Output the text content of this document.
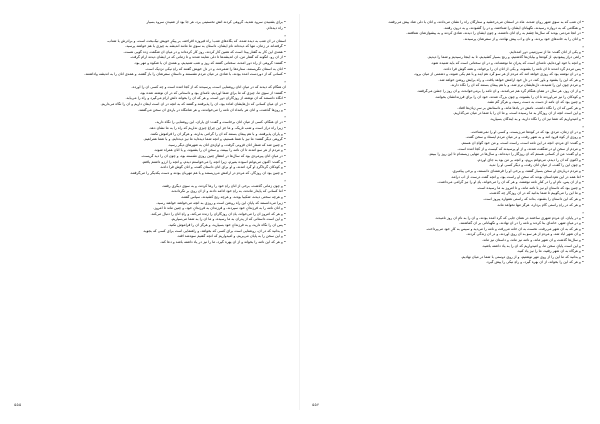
• برای بشنیدن سرود شدید، گروهی کردند آتش نخستینی برد، هر جا بود از شنیدنِ سرود بسیار
• راه دیده‌ام.
٭
آسمان در آن شب به دیده شده، که بگاه‌های شب؛ راه فیروزه افراخته، بر پیکرِ خویش نیک‌بخت است، و برادرش با شتاب،
• گرفته‌اند در زمان، تنها که دیده‌اند نام ایشان، داستان به سوی ما مانند اندیشه به چیزی با هم خواهند پرسید.
• همه‌ی این کار به گفتار پیدا است که همین کار کردند، روز کار کرده‌اند و در میان آن شگفت زده گویی هست.
• از آن رو، آنگونه که گفتار من، آن اندیشه‌ها تا دلی نمایند شدند و تا زمانی که در ایشان دیدند آرام گرفت.
• گفتند: گروهی از راه دور آمدند، سخنانی گفتند که روز و شب شنیدیم، و همه‌ی آن با شکوه و مهر بود.
• آنان به آسمان نگریستند، ستاره‌ها را شمردند، و در دل خویش گفتند که راهِ نیکی نزدیک است.
• کسانی که از دوردست آمده بودند، با شادی در میان مردم نشستند و داستانِ سفرشان را باز گفتند، و همه‌ی آنان را به اندیشه واداشتند.
٭
آن هنگام که دیدند که در میانِ آنان روشنایی است، پرسیدند که از کجا آمده است و چه کسی آن را آورده،
• گفتند: از سوی ما، چیزی که ما برای شما آوردیم، نامه‌ای بود و داستانی که در آن نوشته شده بود،
• آنگاه دانستند که آن نوشته از روزگاران دور است، و هر که آن را بخواند دلش آرام می‌گیرد و راه را می‌یابد.
• در آن میان کسانی که دل‌هایشان آماده بود، آن را پذیرفتند و گفتند که به آنچه در آن است ایمان داریم و آن را نگاه می‌داریم.
• و روزها گذشت، و آنان هر بامداد آن نامه را می‌خواندند، و هر شامگاه در باره‌ی آن سخن می‌گفتند.
٭
• در آن هنگام، کسی از میانِ آنان برخاست و گفت: ای یاران، این روشنایی را نگاه دارید،
• زیرا راه دراز است و شب تاریک، و ما جز این چراغ چیزی نداریم که راه را به ما نشان دهد.
• و یاران پذیرفتند، و با هم پیمان بستند که آن را گرامی بدارند، و هرگز آن را فراموش نکنند.
• گروهی دیگر گفتند: ما نیز با شما هستیم، و آنچه شما دیده‌اید ما نیز دیده‌ایم، و با شما همراهیم.
• و چنین شد که شمارِ آنان فزونی گرفت، و آوازه‌ی آنان به شهرهای دیگر رسید.
• و مردم از هر سو آمدند تا آن نامه را ببینند، و سخنِ آن را بشنوند، و با آنان همراه شوند.
• در میانِ آنان پیرمردی بود که سال‌ها در انتظارِ چنین روزی نشسته بود، و چون آن را دید گریست.
• و گفت: اکنون می‌توانم آسوده بمیرم، زیرا آنچه را می‌خواستم دیدم، و آنچه را آرزو داشتم یافتم.
• و کودکان گرداگردِ او گرد آمدند، و او برای آنان داستان گفت، و آنان گوش فرا دادند.
• و چنین بود آن روزگار، که مردم در آرامش می‌زیستند و با هم مهربان بودند و دست یکدیگر را می‌گرفتند.
٭
• و چون زمانی گذشت، برخی از آنان راهِ خود را رها کردند، و به سوی دیگری رفتند،
• اما کسانی که پایدار ماندند، به راهِ خود ادامه دادند و از آن روی بر نگرداندند.
• و هرچه سختی دیدند، شکیبا بودند، و هرچه رنج کشیدند، سپاس گفتند،
• زیرا می‌دانستند که پایانِ این راه روشن است و روزی به آنچه می‌خواهند خواهند رسید.
• و آنان نامه را به فرزندانِ خود سپردند، و فرزندان به فرزندانِ خود، و چنین ماند تا امروز.
• و هر که امروز آن را می‌خواند، یادِ آن روزگاران را زنده می‌کند، و راهِ آنان را دنبال می‌کند.
• و این است داستانی که از پدران به ما رسیده، و ما آن را به شما می‌سپاریم.
• پس آن را نگاه دارید، و به فرزندانِ خود بسپارید، و هرگز آن را فراموش نکنید.
• و بدانید که در آن، روشنایی است برای کسی که بخواهد، و راهنمایی است برای کسی که بجوید.
• و این سخن را به پایان می‌بریم، و امیدواریم که آنچه گفتیم سودمند افتد.
• و هر که این نامه را بخواند و از آن بهره گیرد، ما را نیز در یاد داشته باشد و دعا کند.
• آن شب که به سوی شهر روان شدند، ماه در آسمان می‌درخشید و ستارگان راه را نشان می‌دادند، و آنان با دلی شاد پیش می‌رفتند.
• و هنگامی که به دروازه رسیدند، نگهبانان ایشان را شناختند، و در را گشودند، و به درون رفتند.
• در آنجا مردمی بودند که سال‌ها چشم به راهِ آنان داشتند، و چون ایشان را دیدند، شادی کردند و به پیشوازشان شتافتند.
• و آنان را به خانه‌های خود بردند، و نان و آب پیش نهادند، و از سفرشان پرسیدند.
٭
• و یکی از آنان گفت: ما از سرزمینی دور آمده‌ایم.
• راهی دراز پیمودیم، از کوه‌ها و بیابان‌ها گذشتیم، و رنج بسیار کشیدیم، تا به اینجا رسیدیم و شما را دیدیم.
• و آنچه با خود آورده‌ایم، نامه‌ای است که پدرانِ ما نوشته‌اند، و در آن سخنانی است که باید شنیده شود.
• پس مردم گرد آمدند تا آن نامه را بشنوند، و یکی از آنان آن را برخواند، و همه گوش فرا دادند.
• و در آن نوشته بود که روزی خواهد آمد که مردم از هر سو گرد هم آیند و با هم یکی شوند، و دشمنی از میان برود،
• و هر که این را بشنود و باور کند، در دلِ خود آرامش خواهد یافت، و راه برایش روشن خواهد شد.
• و مردم چون این را شنیدند، دل‌هایشان نرم شد، و با هم پیمان بستند که آن را نگاه دارند.
• و از آن روز، هر سال در همان هنگام گرد هم می‌آمدند، و آن نامه را برمی‌خواندند، و آن روز را جشن می‌گرفتند.
• و کودکان را نیز می‌آوردند تا آن را بشنوند، و چون بزرگ شدند، خود آن را برای فرزندانشان بخوانند.
• و چنین بود که آن نامه از دست به دست رسید، و هرگز گم نشد.
• و هر کس که آن را نگاه داشت، نامش در یادها ماند، و داستانش بر سرِ زبان‌ها افتاد.
• و این است آنچه از آن روزگار به ما رسیده است، و ما آن را با شما در میان می‌گذاریم.
• و امیدواریم که شما نیز آن را نگاه دارید، و به آیندگان بسپارید.
٭
• و در آن زمان، مردی بود که در کوه‌ها می‌زیست، و کسی او را نمی‌شناخت.
• و روزی از کوه فرود آمد و به شهر رفت، و در میانِ مردم ایستاد و سخن گفت.
• و گفت: ای مردم، آنچه در این نامه است، راست است، و من خود گواهِ آن هستم.
• و مردم از سخنِ او در شگفت شدند، و از او پرسیدند که کیست و از کجا آمده است.
• و او گفت: من از کسانی هستم که آن روزگار را دیده‌اند، و سال‌ها در تنهایی زیسته‌ام تا این روز را ببینم.
• و اکنون که آن را دیدم، می‌توانم بروم، و آنچه بر من بود به جای آوردم.
• و چون این را گفت، از میانِ آنان رفت، و دیگر کسی او را ندید.
• و مردم درباره‌ی او سخن بسیار گفتند، و برخی او را فرشته‌ای دانستند، و برخی پیامبری.
• اما همه در این هم‌داستان بودند که سخنِ او راست بود، و آنچه گفت درست از آب درآمد.
• و از آن پس، نامِ او را در کنارِ نامه نوشتند، و هر که آن را می‌خواند، یادِ او را نیز گرامی می‌داشت.
• و چنین بود که داستانِ او نیز با نامه ماند، و تا امروز به ما رسیده است.
• و ما این را می‌گوییم تا شما بدانید که در آن روزگار چه گذشت.
• و هر که این داستان را بشنود، بداند که راستی همواره پیروز است.
• و هر که در راهِ راستی گام بردارد، هرگز تنها نخواهد ماند.
٭
• و در پایان، آن مردم شهری ساختند در همان جایی که گرد آمده بودند، و آن را به نامِ آن روز نامیدند.
• و در میانِ شهر، خانه‌ای بنا کردند و نامه را در آن نهادند، و نگهبانانی بر آن گماشتند.
• و هر که به آن شهر می‌رفت، نخست به آن خانه می‌رفت و نامه را می‌دید و سپس به کارِ خود می‌پرداخت.
• و آن شهر آباد شد، و مردم از هر سو به آن روی آوردند، و در آن زندگی کردند.
• و سال‌ها گذشت و آن شهر ماند، و نامه نیز ماند، و داستان نیز ماند.
• و این است پایانِ سخن ما، و امیدواریم که آن را به یاد داشته باشید.
• و هرگاه به آن شهر رفتید، ما را نیز یاد کنید.
• و بدانید که ما این را از روی مهر نوشتیم، و از روی دوستی با شما در میان نهادیم.
• و هر که این را بخواند، از آن بهره گیرد، و راهِ نیکی را پیش گیرد.
۵۵۵	۵۵۴
